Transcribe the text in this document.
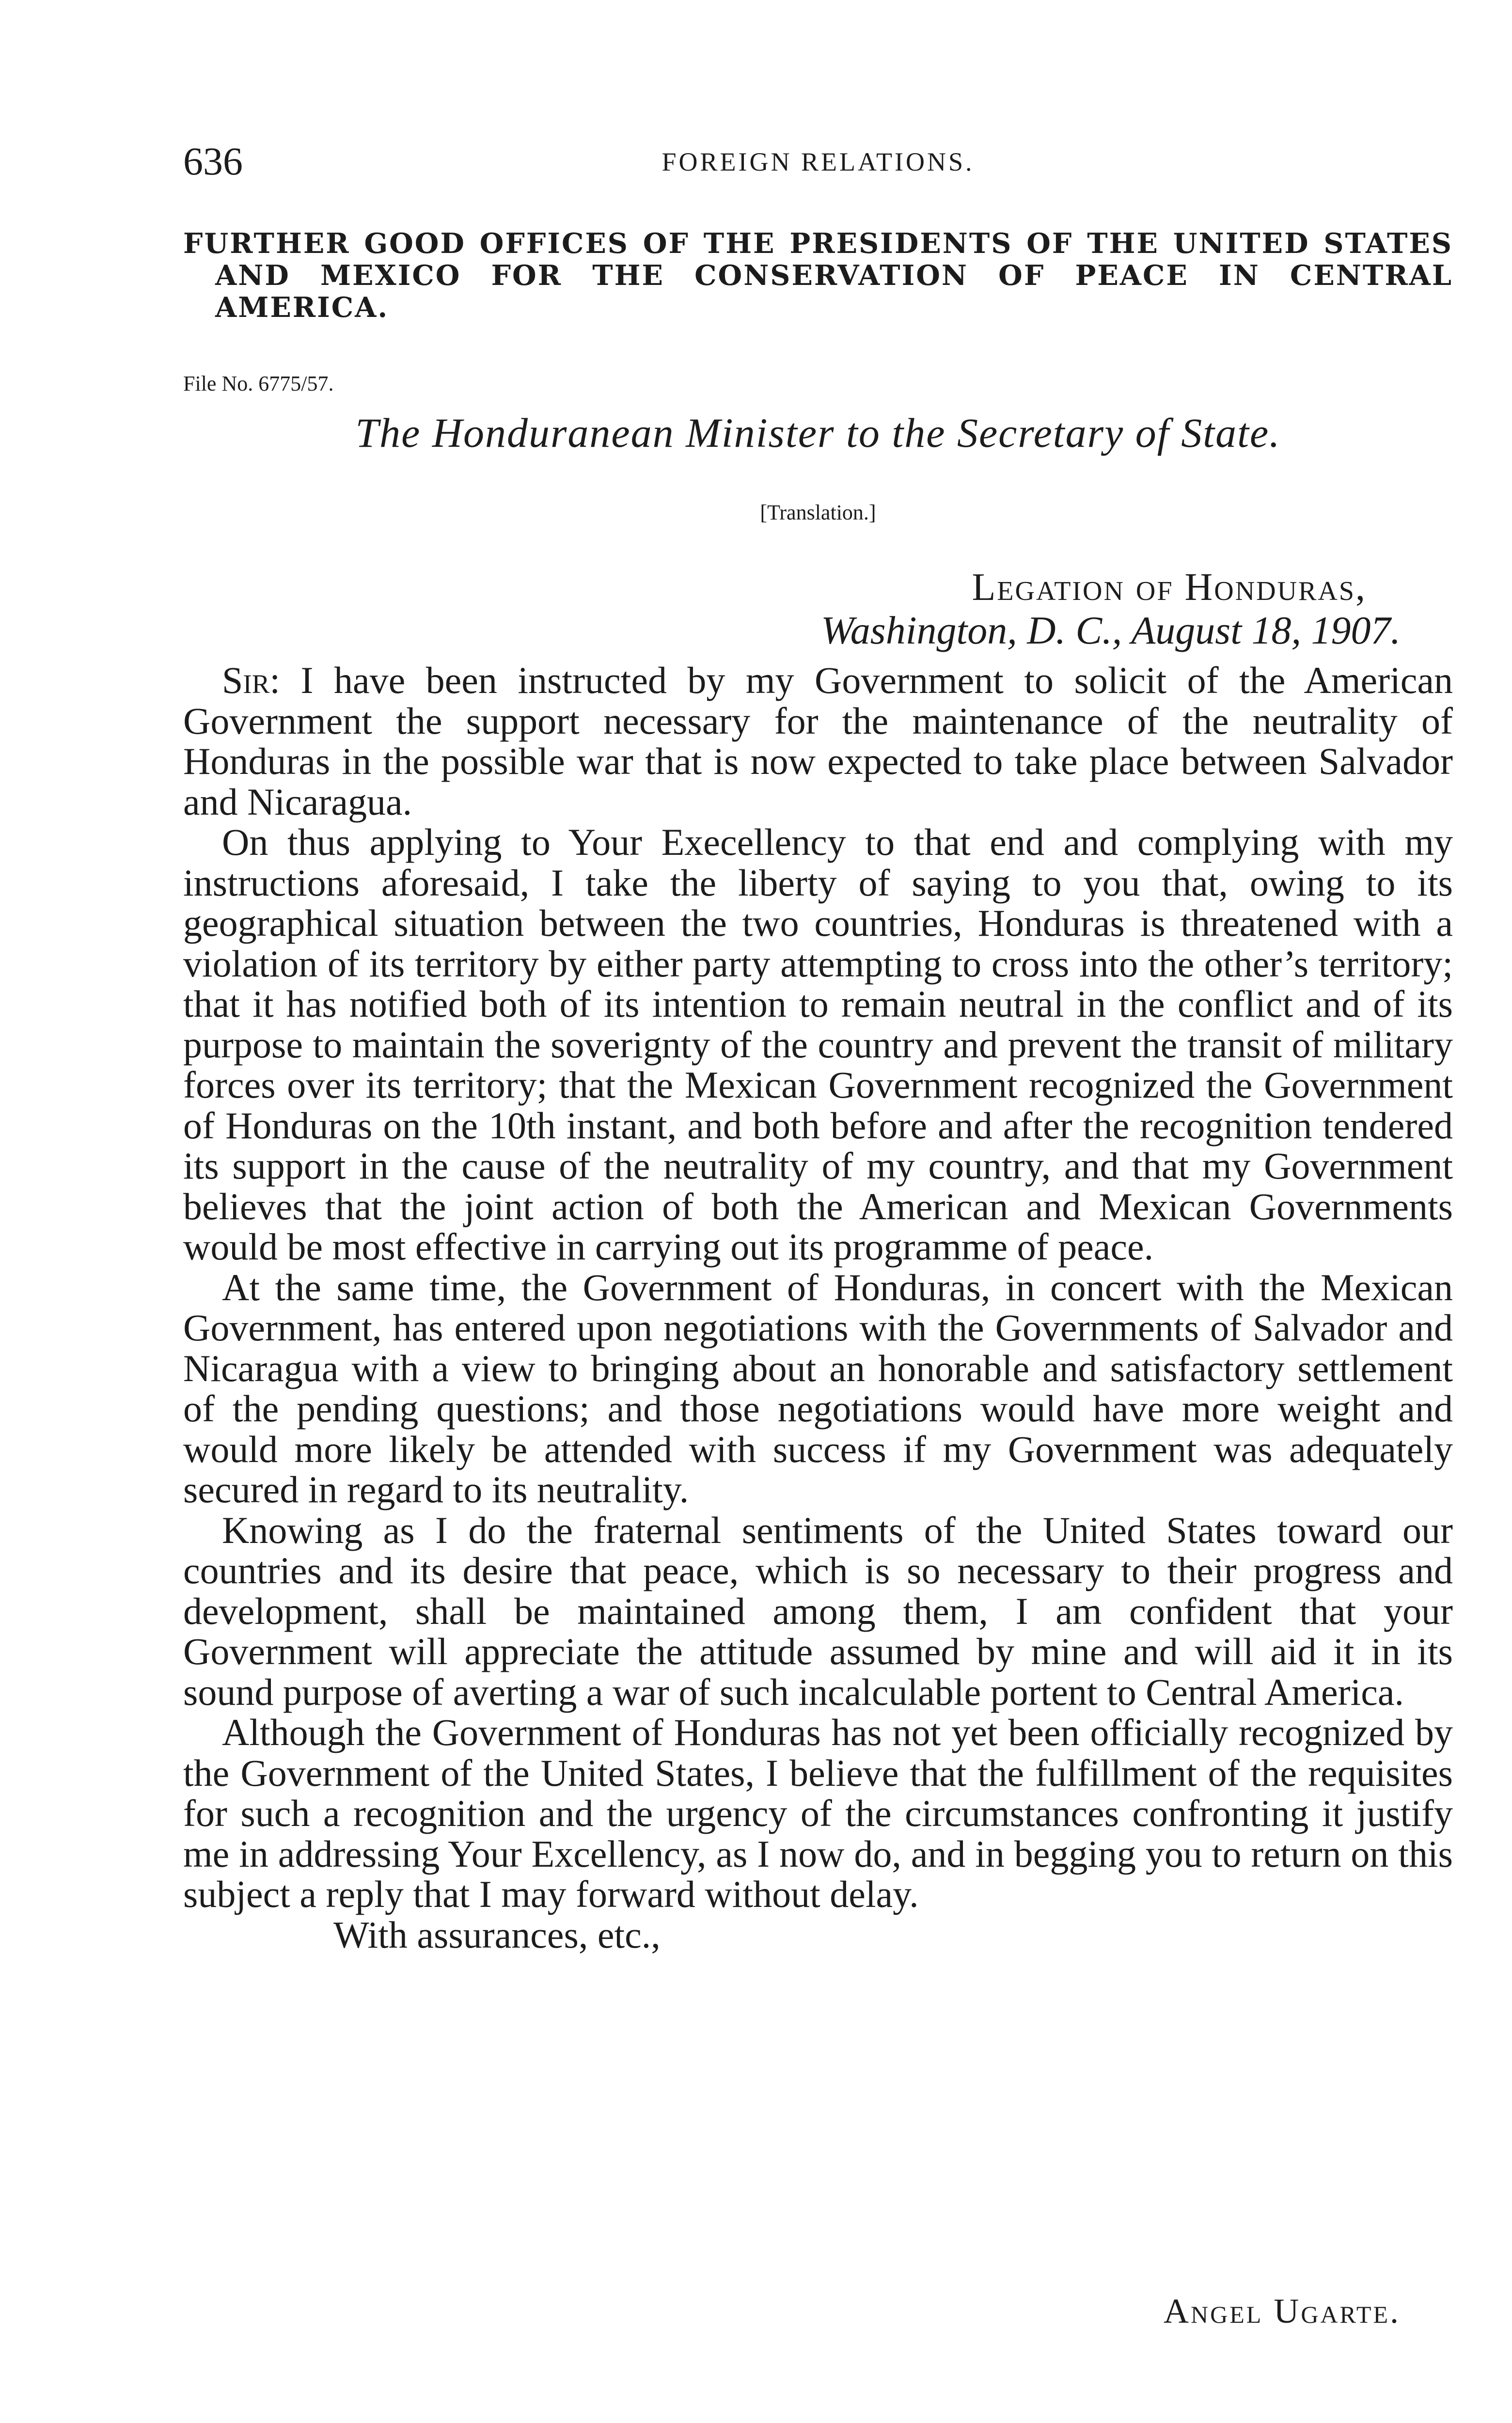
636	FOREIGN RELATIONS.
FURTHER GOOD OFFICES OF THE PRESIDENTS OF THE UNITED STATES AND MEXICO FOR THE CONSERVATION OF PEACE IN CENTRAL AMERICA.
File No. 6775/57.
The Honduranean Minister to the Secretary of State.
[Translation.]
Legation of Honduras,
Washington, D. C., August 18, 1907.

Sir: I have been instructed by my Government to solicit of the American Government the support necessary for the maintenance of the neutrality of Honduras in the possible war that is now expected to take place between Salvador and Nicaragua.

On thus applying to Your Execellency to that end and complying with my instructions aforesaid, I take the liberty of saying to you that, owing to its geographical situation between the two countries, Honduras is threatened with a violation of its territory by either party attempting to cross into the other’s territory; that it has notified both of its intention to remain neutral in the conflict and of its purpose to maintain the soverignty of the country and prevent the transit of military forces over its territory; that the Mexican Government recognized the Government of Honduras on the 10th instant, and both before and after the recognition tendered its support in the cause of the neutrality of my country, and that my Government believes that the joint action of both the American and Mexican Governments would be most effective in carrying out its programme of peace.

At the same time, the Government of Honduras, in concert with the Mexican Government, has entered upon negotiations with the Governments of Salvador and Nicaragua with a view to bringing about an honorable and satisfactory settlement of the pending questions; and those negotiations would have more weight and would more likely be attended with success if my Government was adequately secured in regard to its neutrality.

Knowing as I do the fraternal sentiments of the United States toward our countries and its desire that peace, which is so necessary to their progress and development, shall be maintained among them, I am confident that your Government will appreciate the attitude assumed by mine and will aid it in its sound purpose of averting a war of such incalculable portent to Central America.

Although the Government of Honduras has not yet been officially recognized by the Government of the United States, I believe that the fulfillment of the requisites for such a recognition and the urgency of the circumstances confronting it justify me in addressing Your Excellency, as I now do, and in begging you to return on this subject a reply that I may forward without delay.

With assurances, etc.,

Angel Ugarte.
